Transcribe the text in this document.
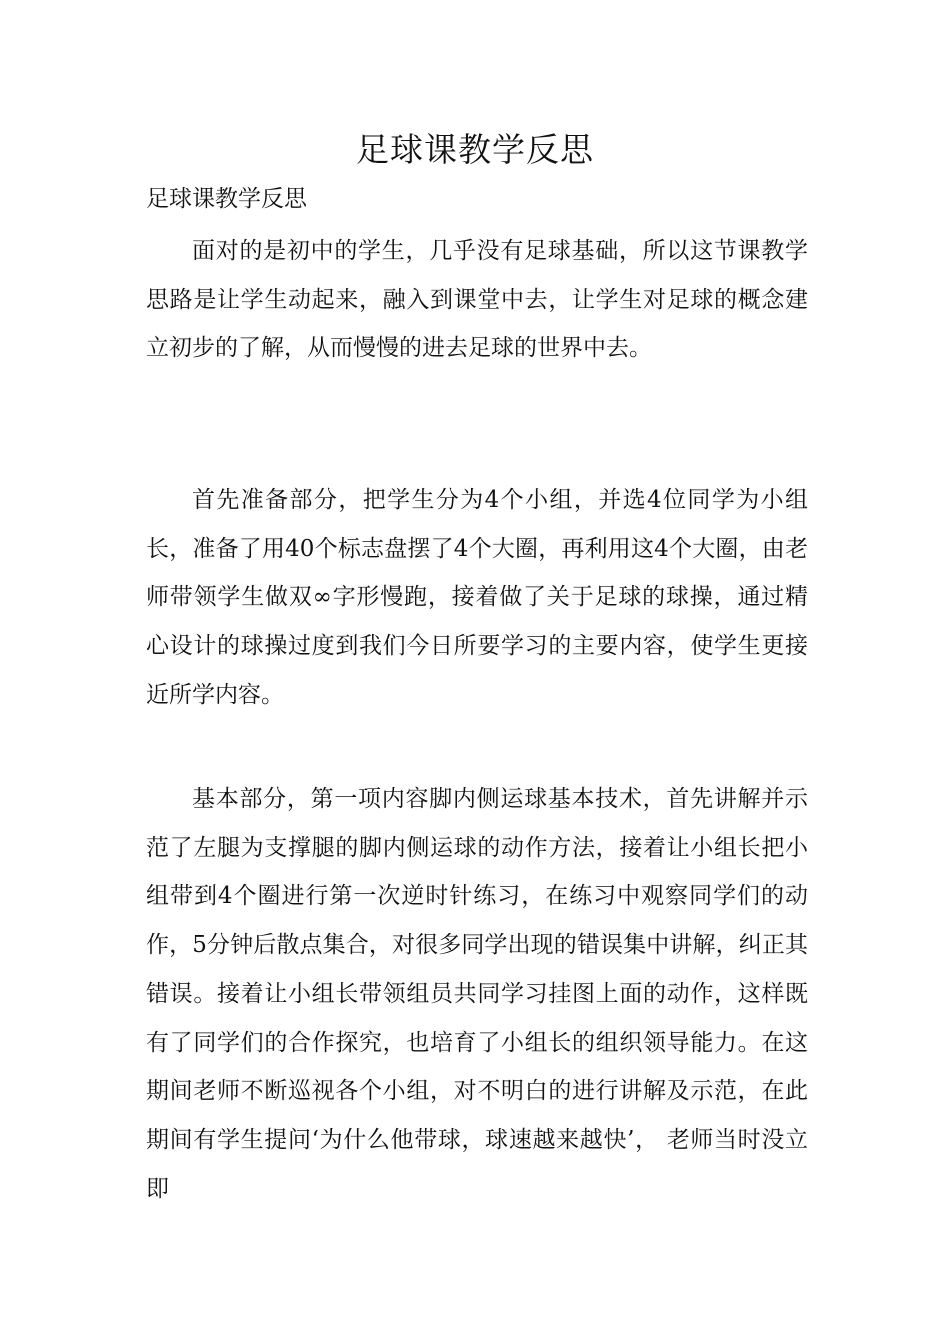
足球课教学反思

足球课教学反思

面对的是初中的学生，几乎没有足球基础，所以这节课教学思路是让学生动起来，融入到课堂中去，让学生对足球的概念建立初步的了解，从而慢慢的进去足球的世界中去。

首先准备部分，把学生分为4个小组，并选4位同学为小组长，准备了用40个标志盘摆了4个大圈，再利用这4个大圈，由老师带领学生做双∞字形慢跑，接着做了关于足球的球操，通过精心设计的球操过度到我们今日所要学习的主要内容，使学生更接近所学内容。

基本部分，第一项内容脚内侧运球基本技术，首先讲解并示范了左腿为支撑腿的脚内侧运球的动作方法，接着让小组长把小组带到4个圈进行第一次逆时针练习，在练习中观察同学们的动作，5分钟后散点集合，对很多同学出现的错误集中讲解，纠正其错误。接着让小组长带领组员共同学习挂图上面的动作，这样既有了同学们的合作探究，也培育了小组长的组织领导能力。在这期间老师不断巡视各个小组，对不明白的进行讲解及示范，在此期间有学生提问‘为什么他带球，球速越来越快’， 老师当时没立即
